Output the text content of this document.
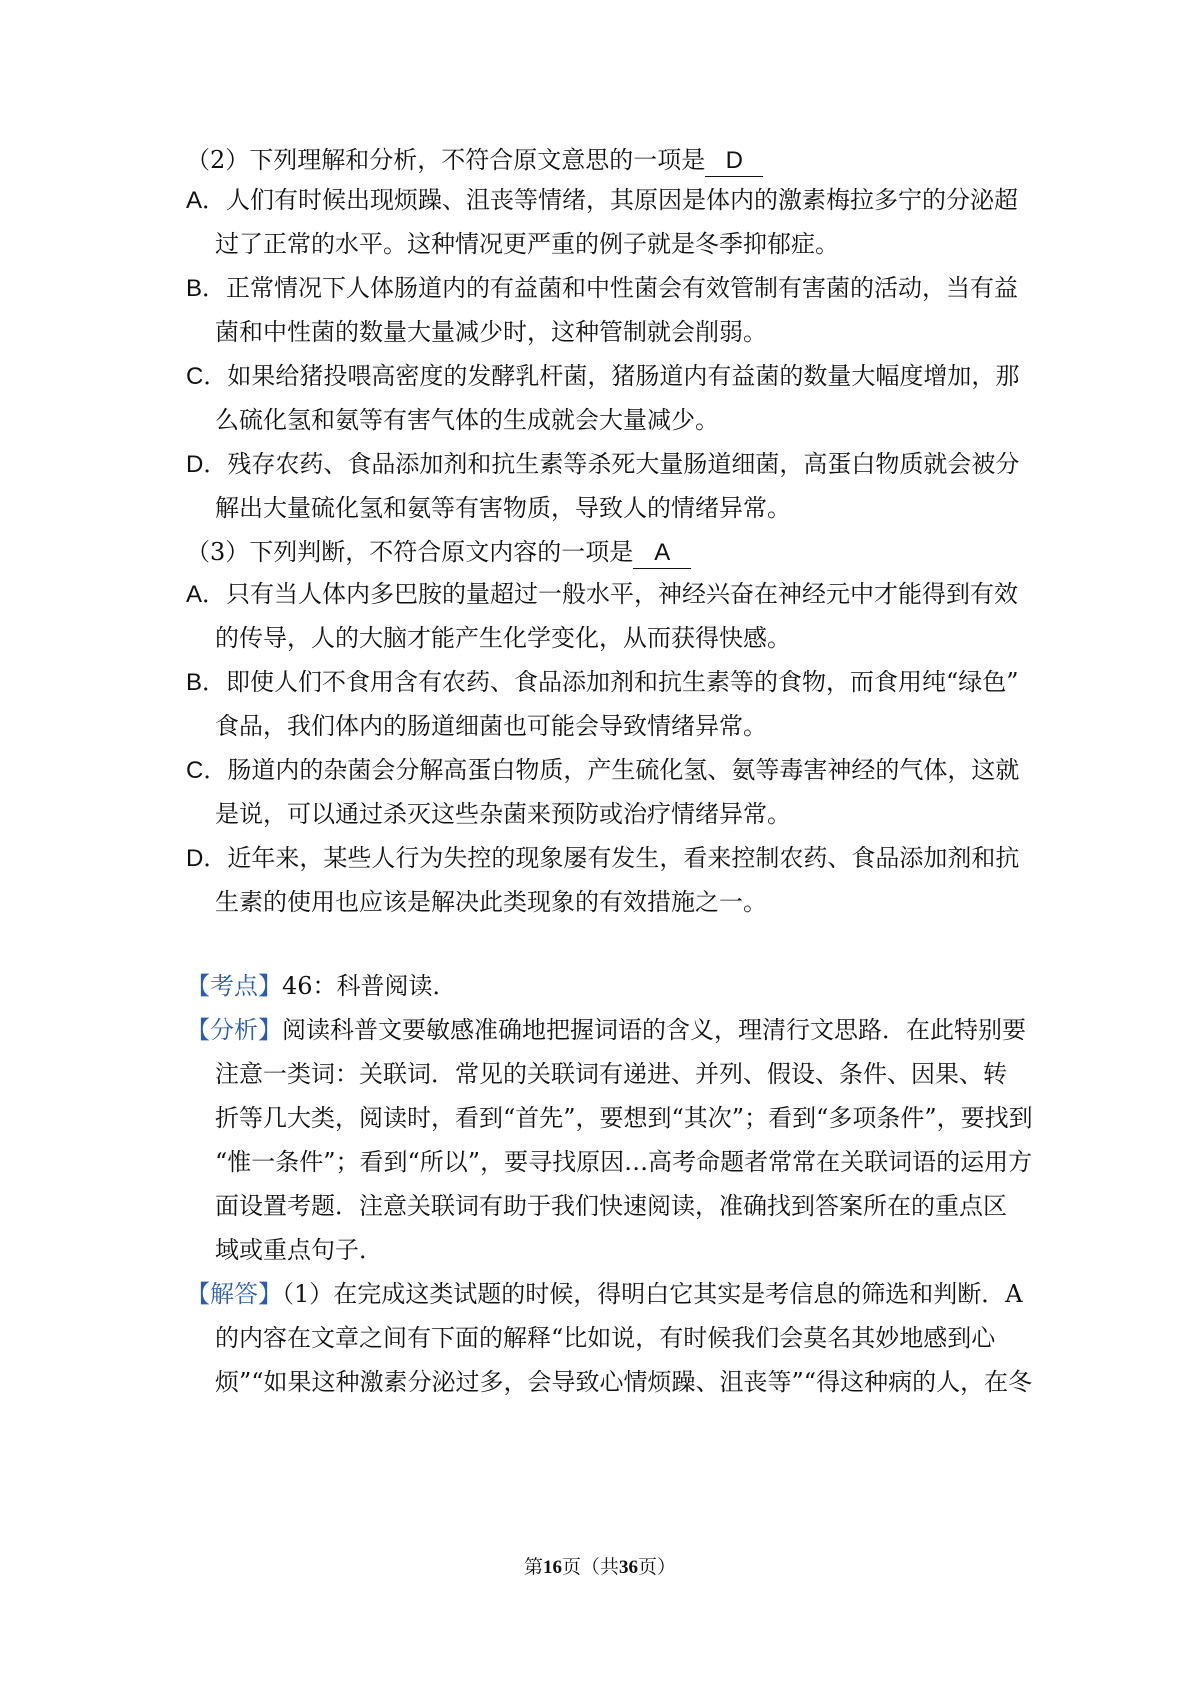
（2）下列理解和分析，不符合原文意思的一项是 D
A．人们有时候出现烦躁、沮丧等情绪，其原因是体内的激素梅拉多宁的分泌超
过了正常的水平。这种情况更严重的例子就是冬季抑郁症。
B．正常情况下人体肠道内的有益菌和中性菌会有效管制有害菌的活动，当有益
菌和中性菌的数量大量减少时，这种管制就会削弱。
C．如果给猪投喂高密度的发酵乳杆菌，猪肠道内有益菌的数量大幅度增加，那
么硫化氢和氨等有害气体的生成就会大量减少。
D．残存农药、食品添加剂和抗生素等杀死大量肠道细菌，高蛋白物质就会被分
解出大量硫化氢和氨等有害物质，导致人的情绪异常。
（3）下列判断，不符合原文内容的一项是 A
A．只有当人体内多巴胺的量超过一般水平，神经兴奋在神经元中才能得到有效
的传导，人的大脑才能产生化学变化，从而获得快感。
B．即使人们不食用含有农药、食品添加剂和抗生素等的食物，而食用纯“绿色”
食品，我们体内的肠道细菌也可能会导致情绪异常。
C．肠道内的杂菌会分解高蛋白物质，产生硫化氢、氨等毒害神经的气体，这就
是说，可以通过杀灭这些杂菌来预防或治疗情绪异常。
D．近年来，某些人行为失控的现象屡有发生，看来控制农药、食品添加剂和抗
生素的使用也应该是解决此类现象的有效措施之一。
【考点】46：科普阅读．
【分析】阅读科普文要敏感准确地把握词语的含义，理清行文思路．在此特别要
注意一类词：关联词．常见的关联词有递进、并列、假设、条件、因果、转
折等几大类，阅读时，看到“首先”，要想到“其次”；看到“多项条件”，要找到
“惟一条件”；看到“所以”，要寻找原因…高考命题者常常在关联词语的运用方
面设置考题．注意关联词有助于我们快速阅读，准确找到答案所在的重点区
域或重点句子．
【解答】（1）在完成这类试题的时候，得明白它其实是考信息的筛选和判断．A
的内容在文章之间有下面的解释“比如说，有时候我们会莫名其妙地感到心
烦”“如果这种激素分泌过多，会导致心情烦躁、沮丧等”“得这种病的人，在冬
第16页（共36页）
